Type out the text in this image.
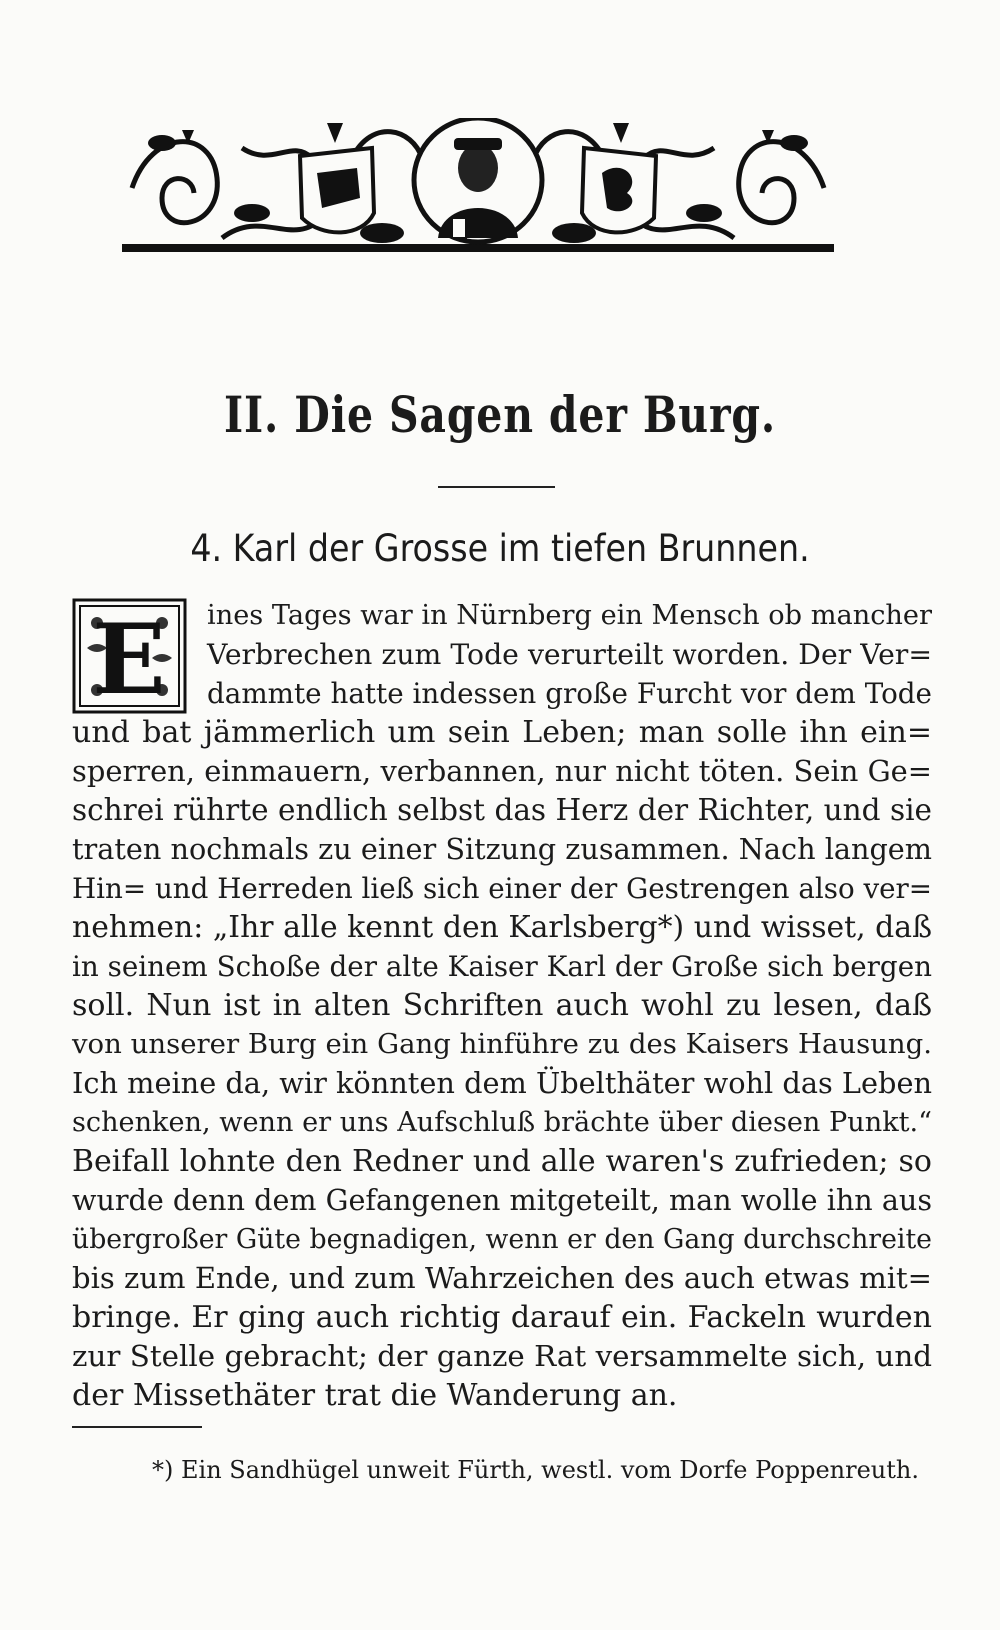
II. Die Sagen der Burg.
4. Karl der Grosse im tiefen Brunnen.
E	ines Tages war in Nürnberg ein Mensch ob mancher
Verbrechen zum Tode verurteilt worden. Der Ver=
dammte hatte indessen große Furcht vor dem Tode
und bat jämmerlich um sein Leben; man solle ihn ein=
sperren, einmauern, verbannen, nur nicht töten. Sein Ge=
schrei rührte endlich selbst das Herz der Richter, und sie
traten nochmals zu einer Sitzung zusammen. Nach langem
Hin= und Herreden ließ sich einer der Gestrengen also ver=
nehmen: „Ihr alle kennt den Karlsberg*) und wisset, daß
in seinem Schoße der alte Kaiser Karl der Große sich bergen
soll. Nun ist in alten Schriften auch wohl zu lesen, daß
von unserer Burg ein Gang hinführe zu des Kaisers Hausung.
Ich meine da, wir könnten dem Übelthäter wohl das Leben
schenken, wenn er uns Aufschluß brächte über diesen Punkt.“
Beifall lohnte den Redner und alle waren's zufrieden; so
wurde denn dem Gefangenen mitgeteilt, man wolle ihn aus
übergroßer Güte begnadigen, wenn er den Gang durchschreite
bis zum Ende, und zum Wahrzeichen des auch etwas mit=
bringe. Er ging auch richtig darauf ein. Fackeln wurden
zur Stelle gebracht; der ganze Rat versammelte sich, und
der Missethäter trat die Wanderung an.
*) Ein Sandhügel unweit Fürth, westl. vom Dorfe Poppenreuth.
